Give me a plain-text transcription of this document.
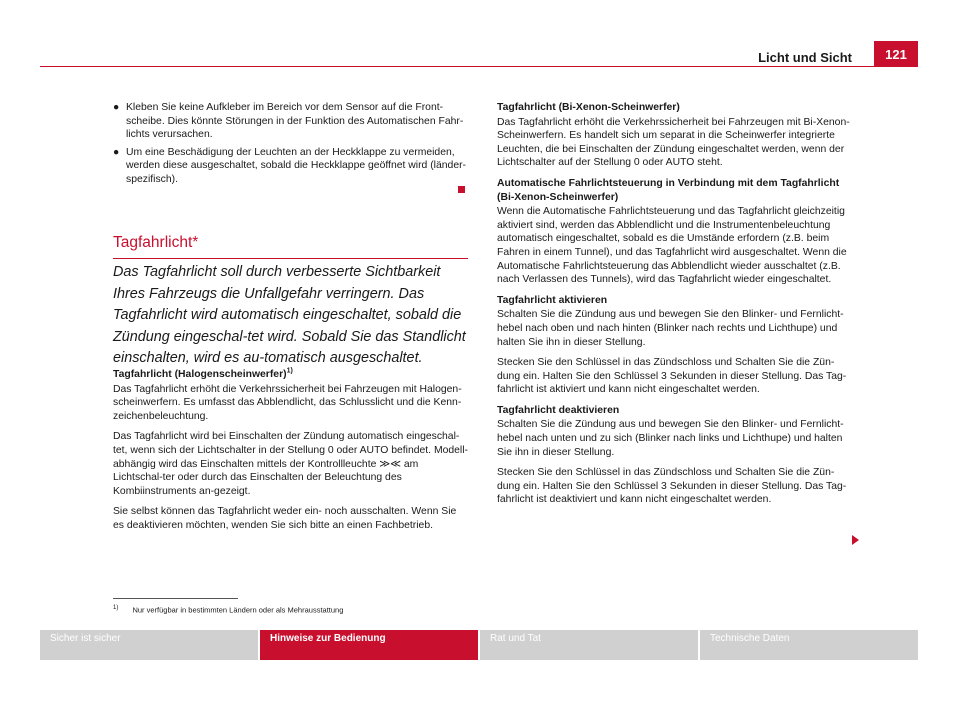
Licht und Sicht	121
● Kleben Sie keine Aufkleber im Bereich vor dem Sensor auf die Front-scheibe. Dies könnte Störungen in der Funktion des Automatischen Fahr-lichts verursachen.
● Um eine Beschädigung der Leuchten an der Heckklappe zu vermeiden, werden diese ausgeschaltet, sobald die Heckklappe geöffnet wird (länder-spezifisch).
Tagfahrlicht*
Das Tagfahrlicht soll durch verbesserte Sichtbarkeit Ihres Fahrzeugs die Unfallgefahr verringern. Das Tagfahrlicht wird automatisch eingeschaltet, sobald die Zündung eingeschal-tet wird. Sobald Sie das Standlicht einschalten, wird es au-tomatisch ausgeschaltet.
Tagfahrlicht (Halogenscheinwerfer)$^{1)}$
Das Tagfahrlicht erhöht die Verkehrssicherheit bei Fahrzeugen mit Halogen-scheinwerfern. Es umfasst das Abblendlicht, das Schlusslicht und die Kenn-zeichenbeleuchtung.
Das Tagfahrlicht wird bei Einschalten der Zündung automatisch eingeschal-tet, wenn sich der Lichtschalter in der Stellung 0 oder AUTO befindet. Modell-abhängig wird das Einschalten mittels der Kontrollleuchte ≫≪ am Lichtschal-ter oder durch das Einschalten der Beleuchtung des Kombiinstruments an-gezeigt.
Sie selbst können das Tagfahrlicht weder ein- noch ausschalten. Wenn Sie es deaktivieren möchten, wenden Sie sich bitte an einen Fachbetrieb.
Tagfahrlicht (Bi-Xenon-Scheinwerfer)
Das Tagfahrlicht erhöht die Verkehrssicherheit bei Fahrzeugen mit Bi-Xenon-Scheinwerfern. Es handelt sich um separat in die Scheinwerfer integrierte Leuchten, die bei Einschalten der Zündung eingeschaltet werden, wenn der Lichtschalter auf der Stellung 0 oder AUTO steht.
Automatische Fahrlichtsteuerung in Verbindung mit dem Tagfahrlicht (Bi-Xenon-Scheinwerfer)
Wenn die Automatische Fahrlichtsteuerung und das Tagfahrlicht gleichzeitig aktiviert sind, werden das Abblendlicht und die Instrumentenbeleuchtung automatisch eingeschaltet, sobald es die Umstände erfordern (z.B. beim Fahren in einem Tunnel), und das Tagfahrlicht wird ausgeschaltet. Wenn die Automatische Fahrlichtsteuerung das Abblendlicht wieder ausschaltet (z.B. nach Verlassen des Tunnels), wird das Tagfahrlicht wieder eingeschaltet.
Tagfahrlicht aktivieren
Schalten Sie die Zündung aus und bewegen Sie den Blinker- und Fernlicht-hebel nach oben und nach hinten (Blinker nach rechts und Lichthupe) und halten Sie ihn in dieser Stellung.
Stecken Sie den Schlüssel in das Zündschloss und Schalten Sie die Zün-dung ein. Halten Sie den Schlüssel 3 Sekunden in dieser Stellung. Das Tag-fahrlicht ist aktiviert und kann nicht eingeschaltet werden.
Tagfahrlicht deaktivieren
Schalten Sie die Zündung aus und bewegen Sie den Blinker- und Fernlicht-hebel nach unten und zu sich (Blinker nach links und Lichthupe) und halten Sie ihn in dieser Stellung.
Stecken Sie den Schlüssel in das Zündschloss und Schalten Sie die Zün-dung ein. Halten Sie den Schlüssel 3 Sekunden in dieser Stellung. Das Tag-fahrlicht ist deaktiviert und kann nicht eingeschaltet werden.
$^{1)}$ Nur verfügbar in bestimmten Ländern oder als Mehrausstattung
Sicher ist sicher	Hinweise zur Bedienung	Rat und Tat	Technische Daten
